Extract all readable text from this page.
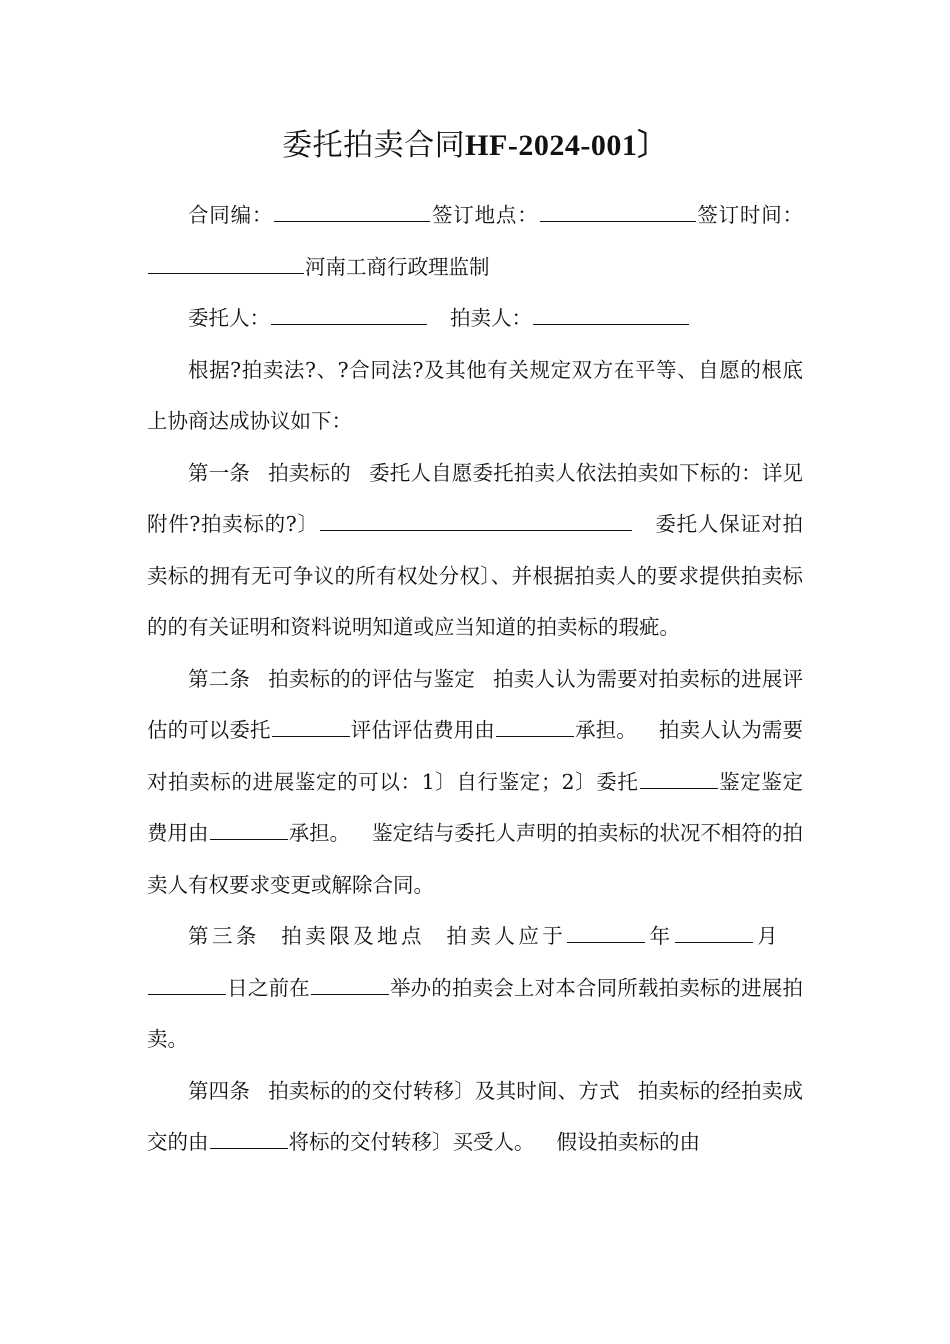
委托拍卖合同HF-2024-001〕

合同编：	签订地点：	签订时间：河南工商行政理监制

委托人：	拍卖人：

根据?拍卖法?、?合同法?及其他有关规定双方在平等、自愿的根底上协商达成协议如下：

第一条 拍卖标的 委托人自愿委托拍卖人依法拍卖如下标的：详见附件?拍卖标的?〕	委托人保证对拍卖标的拥有无可争议的所有权处分权〕、并根据拍卖人的要求提供拍卖标的的有关证明和资料说明知道或应当知道的拍卖标的瑕疵。

第二条 拍卖标的的评估与鉴定 拍卖人认为需要对拍卖标的进展评估的可以委托	评估评估费用由	承担。 拍卖人认为需要对拍卖标的进展鉴定的可以：1〕自行鉴定；2〕委托	鉴定鉴定费用由	承担。 鉴定结与委托人声明的拍卖标的状况不相符的拍卖人有权要求变更或解除合同。

第三条 拍卖限及地点 拍卖人应于	年	月日之前在	举办的拍卖会上对本合同所载拍卖标的进展拍卖。

第四条 拍卖标的的交付转移〕及其时间、方式 拍卖标的经拍卖成交的由	将标的交付转移〕买受人。 假设拍卖标的由
